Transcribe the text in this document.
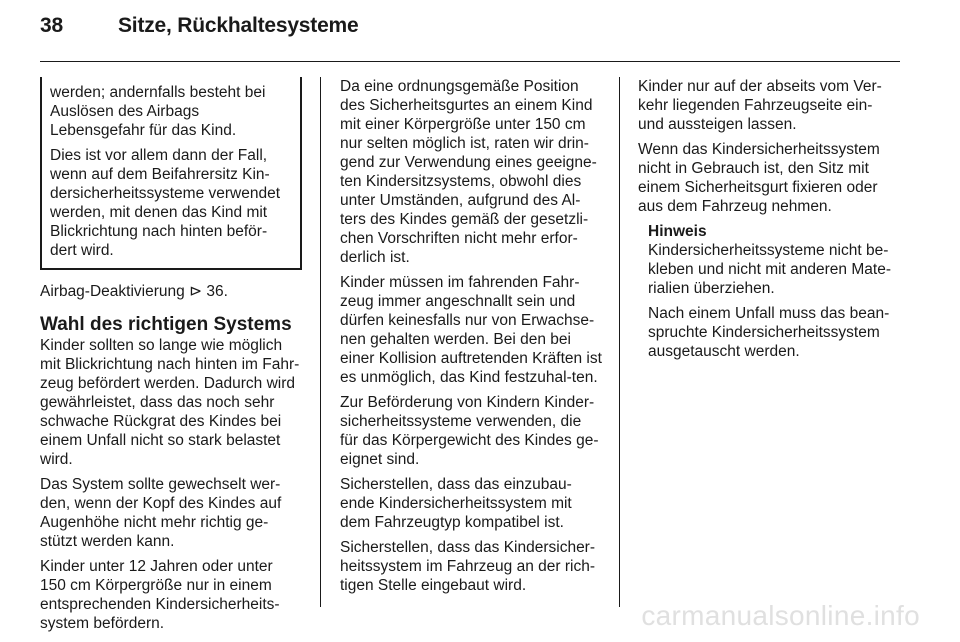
38	Sitze, Rückhaltesysteme

werden; andernfalls besteht bei Auslösen des Airbags Lebensgefahr für das Kind.

Dies ist vor allem dann der Fall, wenn auf dem Beifahrersitz Kin-dersicherheitssysteme verwendet werden, mit denen das Kind mit Blickrichtung nach hinten beför-dert wird.

Airbag-Deaktivierung ⊳ 36.

Wahl des richtigen Systems

Kinder sollten so lange wie möglich mit Blickrichtung nach hinten im Fahr-zeug befördert werden. Dadurch wird gewährleistet, dass das noch sehr schwache Rückgrat des Kindes bei einem Unfall nicht so stark belastet wird.

Das System sollte gewechselt wer-den, wenn der Kopf des Kindes auf Augenhöhe nicht mehr richtig ge-stützt werden kann.

Kinder unter 12 Jahren oder unter 150 cm Körpergröße nur in einem entsprechenden Kindersicherheits-system befördern.

Da eine ordnungsgemäße Position des Sicherheitsgurtes an einem Kind mit einer Körpergröße unter 150 cm nur selten möglich ist, raten wir drin-gend zur Verwendung eines geeigne-ten Kindersitzsystems, obwohl dies unter Umständen, aufgrund des Al-ters des Kindes gemäß der gesetzli-chen Vorschriften nicht mehr erfor-derlich ist.

Kinder müssen im fahrenden Fahr-zeug immer angeschnallt sein und dürfen keinesfalls nur von Erwachse-nen gehalten werden. Bei den bei einer Kollision auftretenden Kräften ist es unmöglich, das Kind festzuhal-ten.

Zur Beförderung von Kindern Kinder-sicherheitssysteme verwenden, die für das Körpergewicht des Kindes ge-eignet sind.

Sicherstellen, dass das einzubau-ende Kindersicherheitssystem mit dem Fahrzeugtyp kompatibel ist.

Sicherstellen, dass das Kindersicher-heitssystem im Fahrzeug an der rich-tigen Stelle eingebaut wird.

Kinder nur auf der abseits vom Ver-kehr liegenden Fahrzeugseite ein- und aussteigen lassen.

Wenn das Kindersicherheitssystem nicht in Gebrauch ist, den Sitz mit einem Sicherheitsgurt fixieren oder aus dem Fahrzeug nehmen.

Hinweis

Kindersicherheitssysteme nicht be-kleben und nicht mit anderen Mate-rialien überziehen.

Nach einem Unfall muss das bean-spruchte Kindersicherheitssystem ausgetauscht werden.

carmanualsonline.info
